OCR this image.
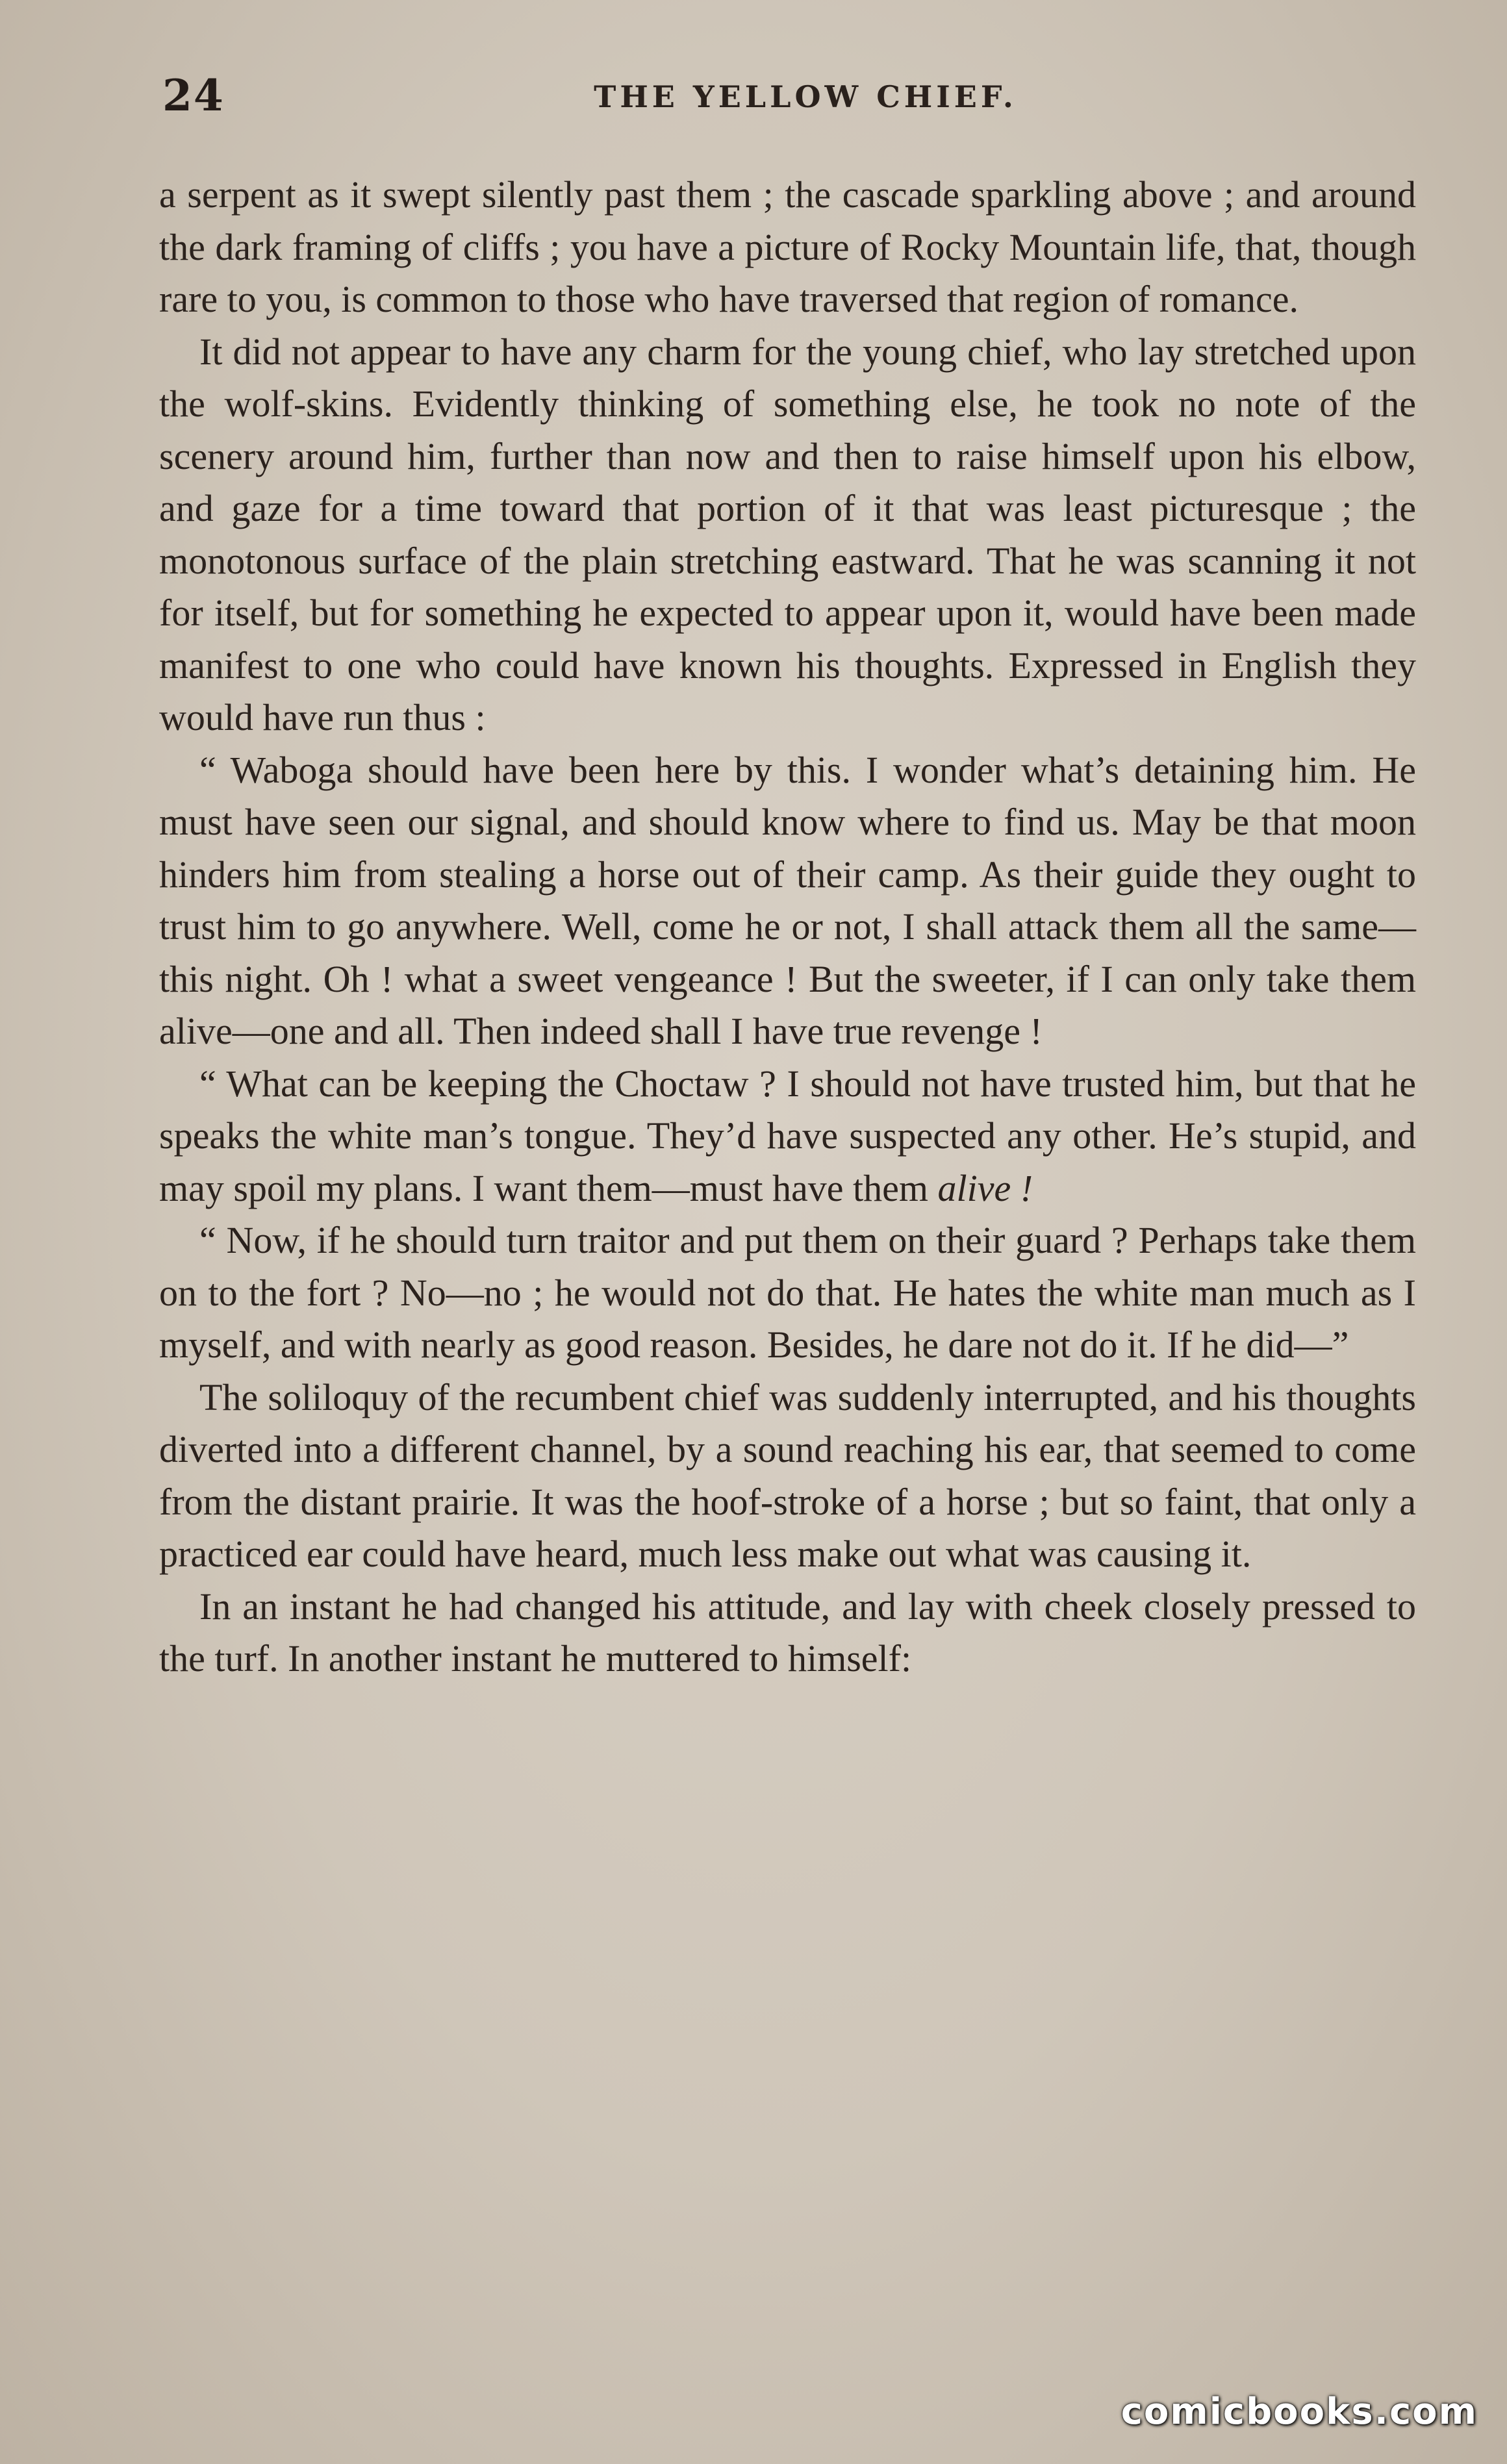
24	THE YELLOW CHIEF.

a serpent as it swept silently past them ; the cascade sparkling above ; and around the dark framing of cliffs ; you have a picture of Rocky Mountain life, that, though rare to you, is common to those who have traversed that region of romance.

It did not appear to have any charm for the young chief, who lay stretched upon the wolf-skins. Evidently thinking of something else, he took no note of the scenery around him, further than now and then to raise himself upon his elbow, and gaze for a time toward that portion of it that was least picturesque ; the monotonous surface of the plain stretching eastward. That he was scanning it not for itself, but for something he expected to appear upon it, would have been made manifest to one who could have known his thoughts. Expressed in English they would have run thus :

“ Waboga should have been here by this. I wonder what’s detaining him. He must have seen our signal, and should know where to find us. May be that moon hinders him from stealing a horse out of their camp. As their guide they ought to trust him to go anywhere. Well, come he or not, I shall attack them all the same—this night. Oh ! what a sweet vengeance ! But the sweeter, if I can only take them alive—one and all. Then indeed shall I have true revenge !

“ What can be keeping the Choctaw ? I should not have trusted him, but that he speaks the white man’s tongue. They’d have suspected any other. He’s stupid, and may spoil my plans. I want them—must have them alive !

“ Now, if he should turn traitor and put them on their guard ? Perhaps take them on to the fort ? No—no ; he would not do that. He hates the white man much as I myself, and with nearly as good reason. Besides, he dare not do it. If he did—”

The soliloquy of the recumbent chief was suddenly interrupted, and his thoughts diverted into a different channel, by a sound reaching his ear, that seemed to come from the distant prairie. It was the hoof-stroke of a horse ; but so faint, that only a practiced ear could have heard, much less make out what was causing it.

In an instant he had changed his attitude, and lay with cheek closely pressed to the turf. In another instant he muttered to himself:

comicbooks.com
